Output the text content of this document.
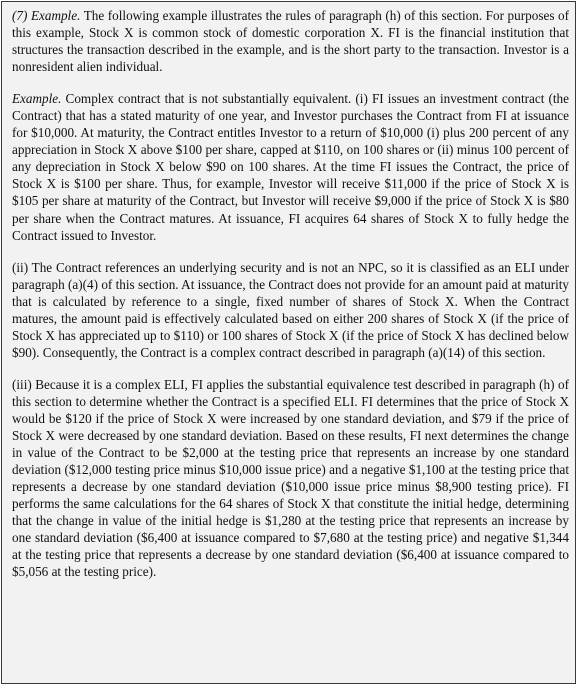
(7) Example. The following example illustrates the rules of paragraph (h) of this section. For purposes of this example, Stock X is common stock of domestic corporation X. FI is the financial institution that structures the transaction described in the example, and is the short party to the transaction. Investor is a nonresident alien individual.

Example. Complex contract that is not substantially equivalent. (i) FI issues an investment contract (the Contract) that has a stated maturity of one year, and Investor purchases the Contract from FI at issuance for $10,000. At maturity, the Contract entitles Investor to a return of $10,000 (i) plus 200 percent of any appreciation in Stock X above $100 per share, capped at $110, on 100 shares or (ii) minus 100 percent of any depreciation in Stock X below $90 on 100 shares. At the time FI issues the Contract, the price of Stock X is $100 per share. Thus, for example, Investor will receive $11,000 if the price of Stock X is $105 per share at maturity of the Contract, but Investor will receive $9,000 if the price of Stock X is $80 per share when the Contract matures. At issuance, FI acquires 64 shares of Stock X to fully hedge the Contract issued to Investor.

(ii) The Contract references an underlying security and is not an NPC, so it is classified as an ELI under paragraph (a)(4) of this section. At issuance, the Contract does not provide for an amount paid at maturity that is calculated by reference to a single, fixed number of shares of Stock X. When the Contract matures, the amount paid is effectively calculated based on either 200 shares of Stock X (if the price of Stock X has appreciated up to $110) or 100 shares of Stock X (if the price of Stock X has declined below $90). Consequently, the Contract is a complex contract described in paragraph (a)(14) of this section.

(iii) Because it is a complex ELI, FI applies the substantial equivalence test described in paragraph (h) of this section to determine whether the Contract is a specified ELI. FI determines that the price of Stock X would be $120 if the price of Stock X were increased by one standard deviation, and $79 if the price of Stock X were decreased by one standard deviation. Based on these results, FI next determines the change in value of the Contract to be $2,000 at the testing price that represents an increase by one standard deviation ($12,000 testing price minus $10,000 issue price) and a negative $1,100 at the testing price that represents a decrease by one standard deviation ($10,000 issue price minus $8,900 testing price). FI performs the same calculations for the 64 shares of Stock X that constitute the initial hedge, determining that the change in value of the initial hedge is $1,280 at the testing price that represents an increase by one standard deviation ($6,400 at issuance compared to $7,680 at the testing price) and negative $1,344 at the testing price that represents a decrease by one standard deviation ($6,400 at issuance compared to $5,056 at the testing price).
